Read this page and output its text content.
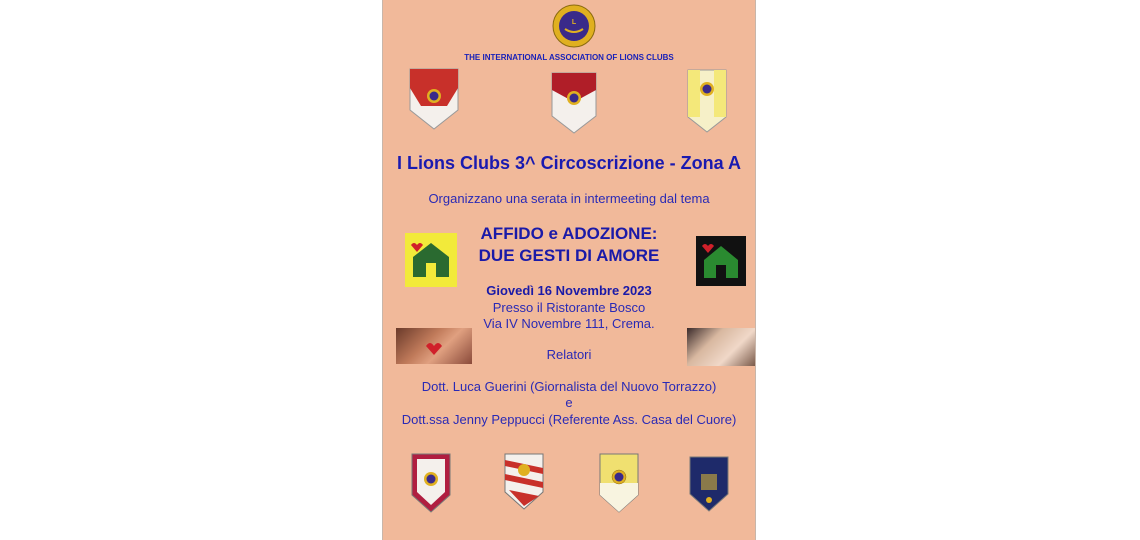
L
THE INTERNATIONAL ASSOCIATION OF LIONS CLUBS
I Lions Clubs 3^ Circoscrizione - Zona A
Organizzano una serata in intermeeting dal tema
AFFIDO e ADOZIONE:
DUE GESTI DI AMORE
Giovedì 16 Novembre 2023
Presso il Ristorante Bosco
Via IV Novembre 111, Crema.
Relatori
Dott. Luca Guerini (Giornalista del Nuovo Torrazzo)
e
Dott.ssa Jenny Peppucci (Referente Ass. Casa del Cuore)
